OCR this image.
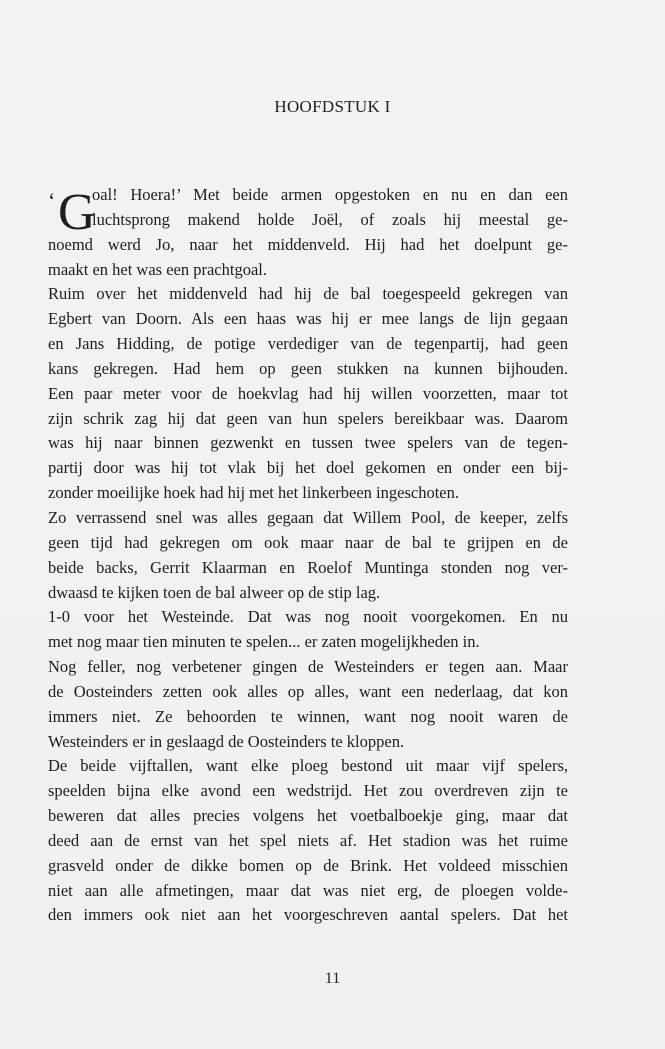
HOOFDSTUK I
‘ G
oal! Hoera!’ Met beide armen opgestoken en nu en dan een
luchtsprong makend holde Joël, of zoals hij meestal ge-
noemd werd Jo, naar het middenveld. Hij had het doelpunt ge-
maakt en het was een prachtgoal.
Ruim over het middenveld had hij de bal toegespeeld gekregen van
Egbert van Doorn. Als een haas was hij er mee langs de lijn gegaan
en Jans Hidding, de potige verdediger van de tegenpartij, had geen
kans gekregen. Had hem op geen stukken na kunnen bijhouden.
Een paar meter voor de hoekvlag had hij willen voorzetten, maar tot
zijn schrik zag hij dat geen van hun spelers bereikbaar was. Daarom
was hij naar binnen gezwenkt en tussen twee spelers van de tegen-
partij door was hij tot vlak bij het doel gekomen en onder een bij-
zonder moeilijke hoek had hij met het linkerbeen ingeschoten.
Zo verrassend snel was alles gegaan dat Willem Pool, de keeper, zelfs
geen tijd had gekregen om ook maar naar de bal te grijpen en de
beide backs, Gerrit Klaarman en Roelof Muntinga stonden nog ver-
dwaasd te kijken toen de bal alweer op de stip lag.
1-0 voor het Westeinde. Dat was nog nooit voorgekomen. En nu
met nog maar tien minuten te spelen... er zaten mogelijkheden in.
Nog feller, nog verbetener gingen de Westeinders er tegen aan. Maar
de Oosteinders zetten ook alles op alles, want een nederlaag, dat kon
immers niet. Ze behoorden te winnen, want nog nooit waren de
Westeinders er in geslaagd de Oosteinders te kloppen.
De beide vijftallen, want elke ploeg bestond uit maar vijf spelers,
speelden bijna elke avond een wedstrijd. Het zou overdreven zijn te
beweren dat alles precies volgens het voetbalboekje ging, maar dat
deed aan de ernst van het spel niets af. Het stadion was het ruime
grasveld onder de dikke bomen op de Brink. Het voldeed misschien
niet aan alle afmetingen, maar dat was niet erg, de ploegen volde-
den immers ook niet aan het voorgeschreven aantal spelers. Dat het
11
